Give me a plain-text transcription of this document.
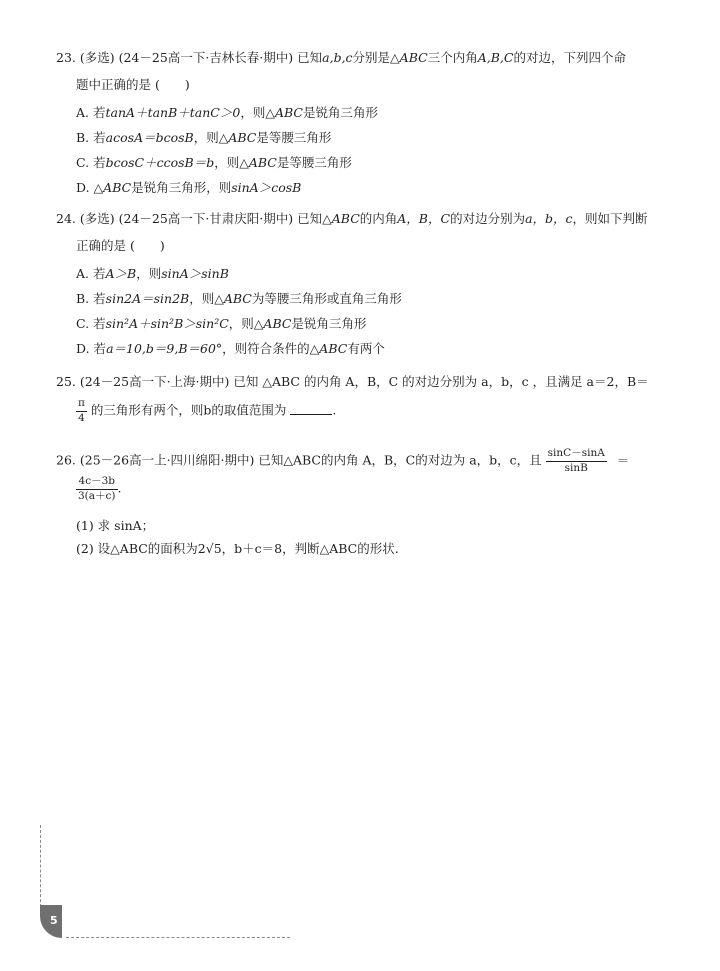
23. (多选) (24－25高一下·吉林长春·期中) 已知a,b,c分别是△ABC三个内角A,B,C的对边，下列四个命
题中正确的是 (　　)
A. 若tanA＋tanB＋tanC＞0，则△ABC是锐角三角形
B. 若acosA＝bcosB，则△ABC是等腰三角形
C. 若bcosC＋ccosB＝b，则△ABC是等腰三角形
D. △ABC是锐角三角形，则sinA＞cosB
24. (多选) (24－25高一下·甘肃庆阳·期中) 已知△ABC的内角A，B，C的对边分别为a，b，c，则如下判断
正确的是 (　　)
A. 若A＞B，则sinA＞sinB
B. 若sin2A＝sin2B，则△ABC为等腰三角形或直角三角形
C. 若sin²A＋sin²B＞sin²C，则△ABC是锐角三角形
D. 若a＝10,b＝9,B＝60°，则符合条件的△ABC有两个
25. (24－25高一下·上海·期中) 已知 △ABC 的内角 A，B，C 的对边分别为 a，b，c ，且满足 a＝2，B＝
$\frac{\pi}{4}$ 的三角形有两个，则b的取值范围为	.
26. (25－26高一上·四川绵阳·期中) 已知△ABC的内角 A，B，C的对边为 a，b，c，且 $\frac{\sin C-\sin A}{\sin B}$ ＝
$\frac{4c-3b}{3(a+c)}$ .
(1) 求 sinA；
(2) 设△ABC的面积为2√5，b＋c＝8，判断△ABC的形状.
5
